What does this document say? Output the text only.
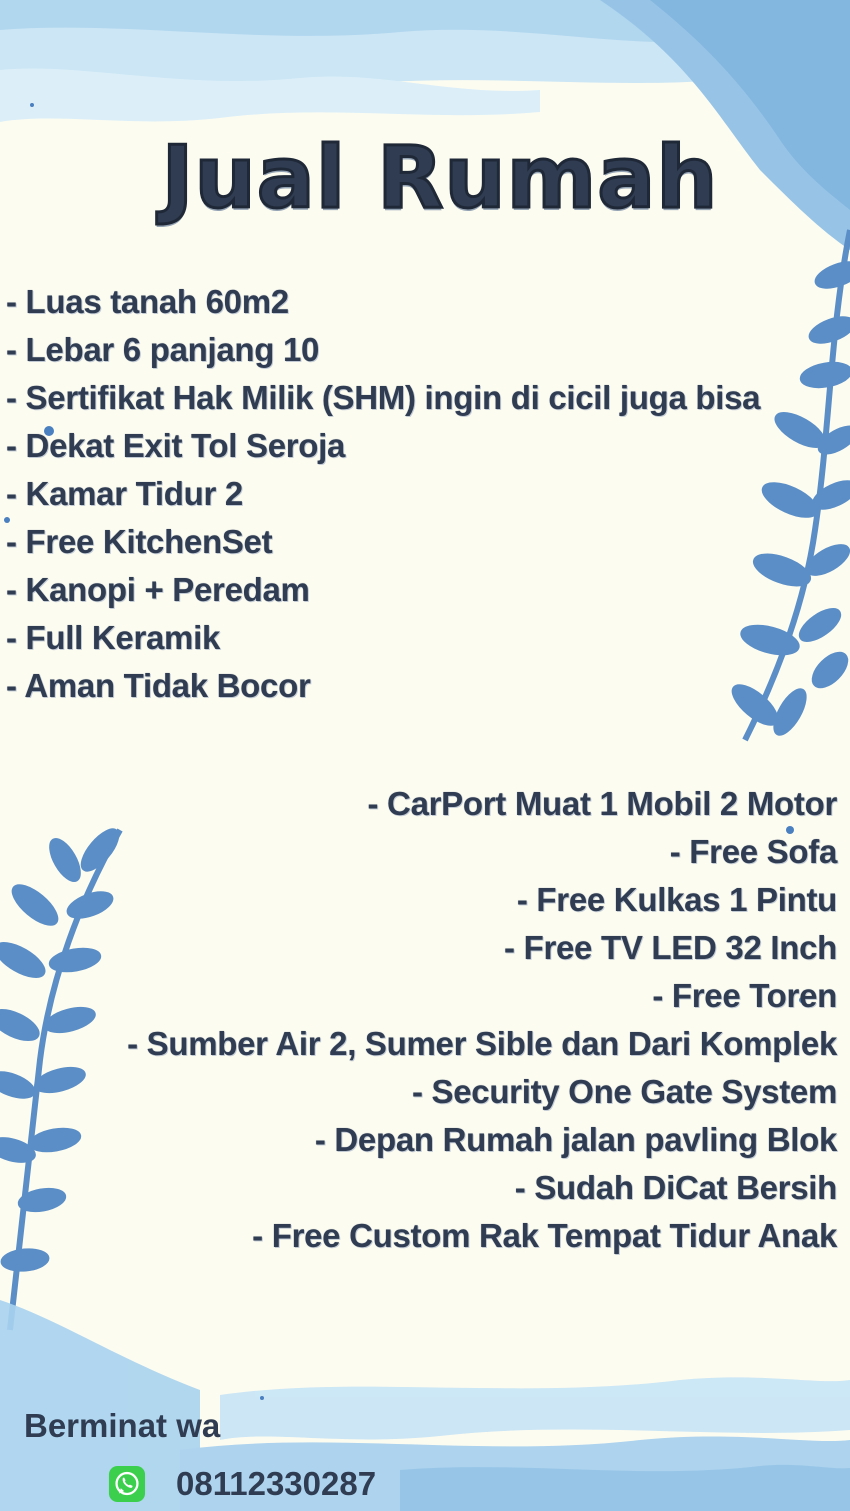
Jual Rumah
- Luas tanah 60m2
- Lebar 6 panjang 10
- Sertifikat Hak Milik (SHM) ingin di cicil juga bisa
- Dekat Exit Tol Seroja
- Kamar Tidur 2
- Free KitchenSet
- Kanopi + Peredam
- Full Keramik
- Aman Tidak Bocor
- CarPort Muat 1 Mobil 2 Motor
- Free Sofa
- Free Kulkas 1 Pintu
- Free TV LED 32 Inch
- Free Toren
- Sumber Air 2, Sumer Sible dan Dari Komplek
- Security One Gate System
- Depan Rumah jalan pavling Blok
- Sudah DiCat Bersih
- Free Custom Rak Tempat Tidur Anak
Berminat wa
08112330287
